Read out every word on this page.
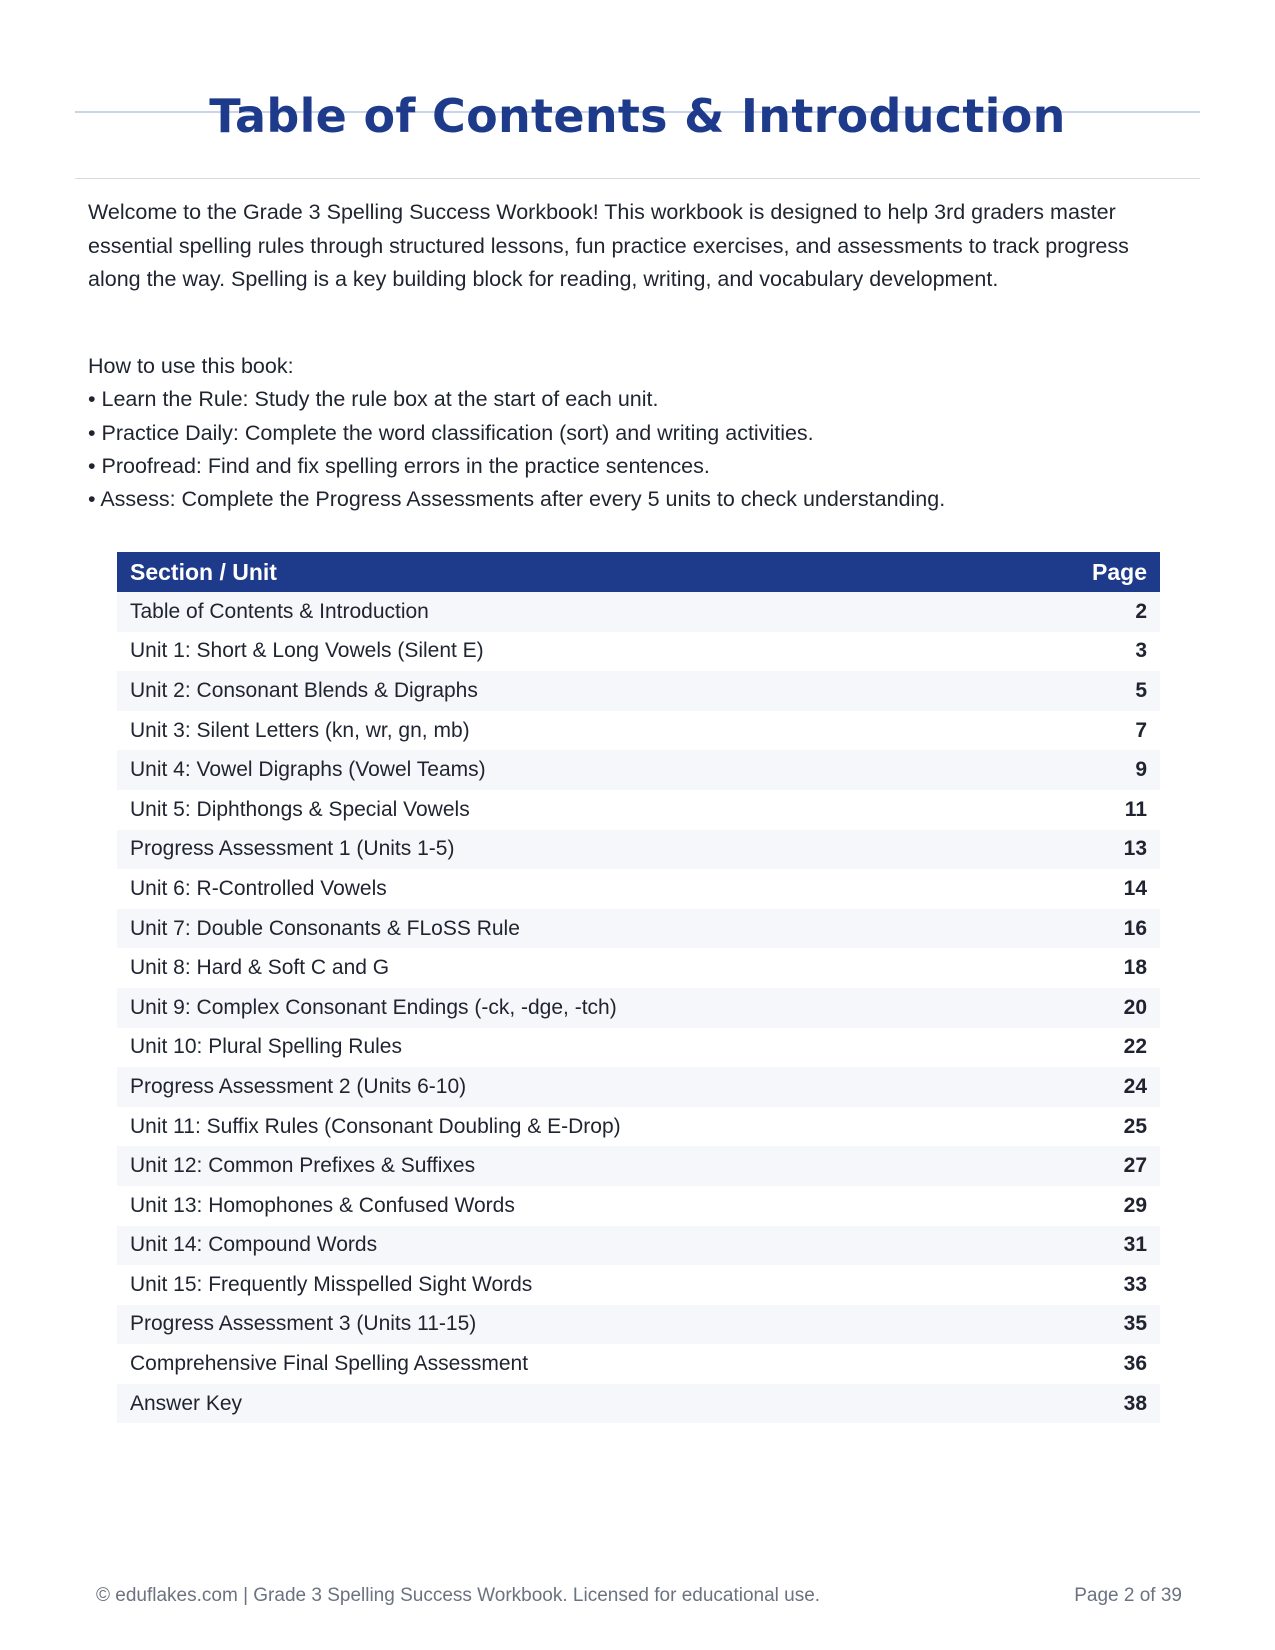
Table of Contents & Introduction

Welcome to the Grade 3 Spelling Success Workbook! This workbook is designed to help 3rd graders master essential spelling rules through structured lessons, fun practice exercises, and assessments to track progress along the way. Spelling is a key building block for reading, writing, and vocabulary development.

How to use this book:
• Learn the Rule: Study the rule box at the start of each unit.
• Practice Daily: Complete the word classification (sort) and writing activities.
• Proofread: Find and fix spelling errors in the practice sentences.
• Assess: Complete the Progress Assessments after every 5 units to check understanding.
Section / Unit	Page
Table of Contents & Introduction	2
Unit 1: Short & Long Vowels (Silent E)	3
Unit 2: Consonant Blends & Digraphs	5
Unit 3: Silent Letters (kn, wr, gn, mb)	7
Unit 4: Vowel Digraphs (Vowel Teams)	9
Unit 5: Diphthongs & Special Vowels	11
Progress Assessment 1 (Units 1-5)	13
Unit 6: R-Controlled Vowels	14
Unit 7: Double Consonants & FLoSS Rule	16
Unit 8: Hard & Soft C and G	18
Unit 9: Complex Consonant Endings (-ck, -dge, -tch)	20
Unit 10: Plural Spelling Rules	22
Progress Assessment 2 (Units 6-10)	24
Unit 11: Suffix Rules (Consonant Doubling & E-Drop)	25
Unit 12: Common Prefixes & Suffixes	27
Unit 13: Homophones & Confused Words	29
Unit 14: Compound Words	31
Unit 15: Frequently Misspelled Sight Words	33
Progress Assessment 3 (Units 11-15)	35
Comprehensive Final Spelling Assessment	36
Answer Key	38
© eduflakes.com | Grade 3 Spelling Success Workbook. Licensed for educational use.	Page 2 of 39
